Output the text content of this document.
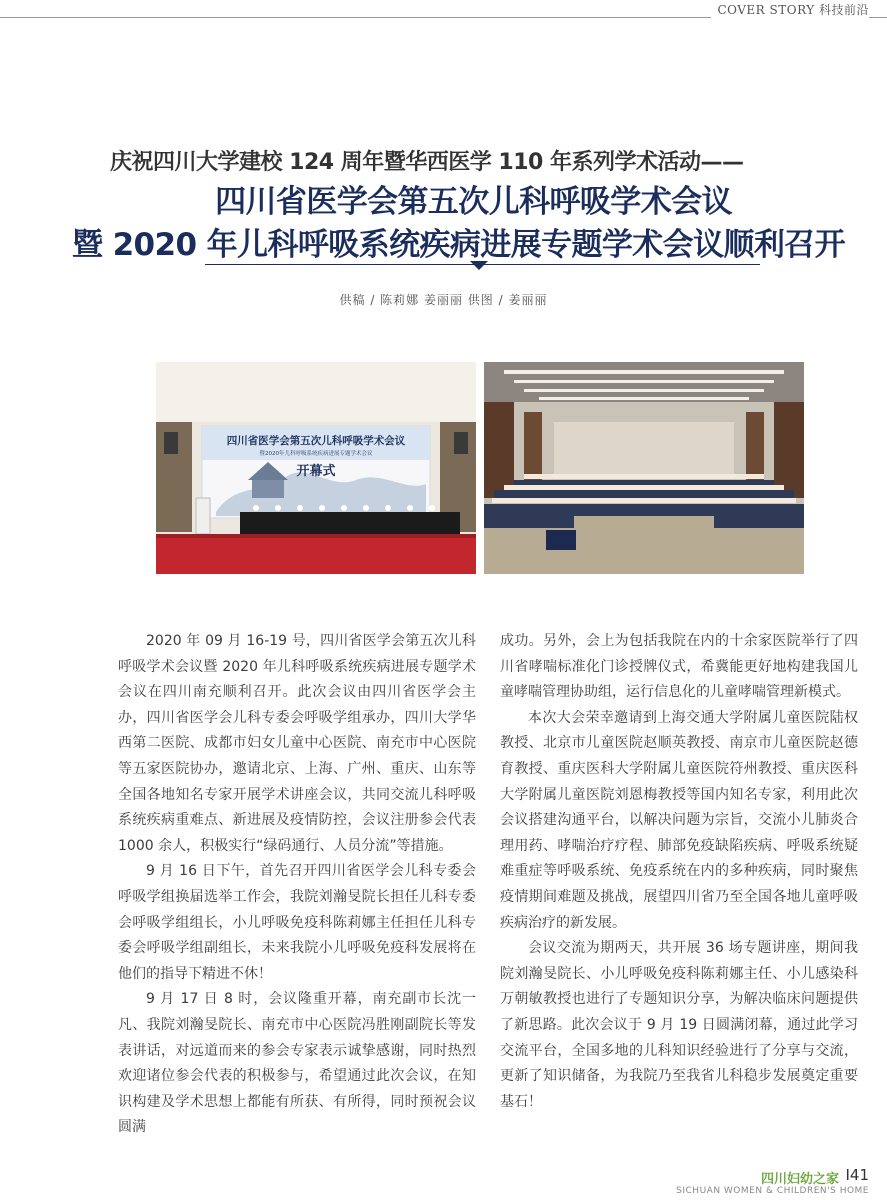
COVER STORY 科技前沿
庆祝四川大学建校 124 周年暨华西医学 110 年系列学术活动——
四川省医学会第五次儿科呼吸学术会议
暨 2020 年儿科呼吸系统疾病进展专题学术会议顺利召开
供稿 / 陈莉娜 姜丽丽 供图 / 姜丽丽
四川省医学会第五次儿科呼吸学术会议
暨2020年儿科呼吸系统疾病进展专题学术会议
开幕式

2020 年 09 月 16-19 号，四川省医学会第五次儿科呼吸学术会议暨 2020 年儿科呼吸系统疾病进展专题学术会议在四川南充顺利召开。此次会议由四川省医学会主办，四川省医学会儿科专委会呼吸学组承办，四川大学华西第二医院、成都市妇女儿童中心医院、南充市中心医院等五家医院协办，邀请北京、上海、广州、重庆、山东等全国各地知名专家开展学术讲座会议，共同交流儿科呼吸系统疾病重难点、新进展及疫情防控，会议注册参会代表 1000 余人，积极实行“绿码通行、人员分流”等措施。

9 月 16 日下午，首先召开四川省医学会儿科专委会呼吸学组换届选举工作会，我院刘瀚旻院长担任儿科专委会呼吸学组组长，小儿呼吸免疫科陈莉娜主任担任儿科专委会呼吸学组副组长，未来我院小儿呼吸免疫科发展将在他们的指导下精进不休！

9 月 17 日 8 时，会议隆重开幕，南充副市长沈一凡、我院刘瀚旻院长、南充市中心医院冯胜刚副院长等发表讲话，对远道而来的参会专家表示诚挚感谢，同时热烈欢迎诸位参会代表的积极参与，希望通过此次会议，在知识构建及学术思想上都能有所获、有所得，同时预祝会议圆满

成功。另外，会上为包括我院在内的十余家医院举行了四川省哮喘标准化门诊授牌仪式，希冀能更好地构建我国儿童哮喘管理协助组，运行信息化的儿童哮喘管理新模式。

本次大会荣幸邀请到上海交通大学附属儿童医院陆权教授、北京市儿童医院赵顺英教授、南京市儿童医院赵德育教授、重庆医科大学附属儿童医院符州教授、重庆医科大学附属儿童医院刘恩梅教授等国内知名专家，利用此次会议搭建沟通平台，以解决问题为宗旨，交流小儿肺炎合理用药、哮喘治疗疗程、肺部免疫缺陷疾病、呼吸系统疑难重症等呼吸系统、免疫系统在内的多种疾病，同时聚焦疫情期间难题及挑战，展望四川省乃至全国各地儿童呼吸疾病治疗的新发展。

会议交流为期两天，共开展 36 场专题讲座，期间我院刘瀚旻院长、小儿呼吸免疫科陈莉娜主任、小儿感染科万朝敏教授也进行了专题知识分享，为解决临床问题提供了新思路。此次会议于 9 月 19 日圆满闭幕，通过此学习交流平台，全国多地的儿科知识经验进行了分享与交流，更新了知识储备，为我院乃至我省儿科稳步发展奠定重要基石！

四川妇幼之家 I41
SICHUAN WOMEN & CHILDREN'S HOME
